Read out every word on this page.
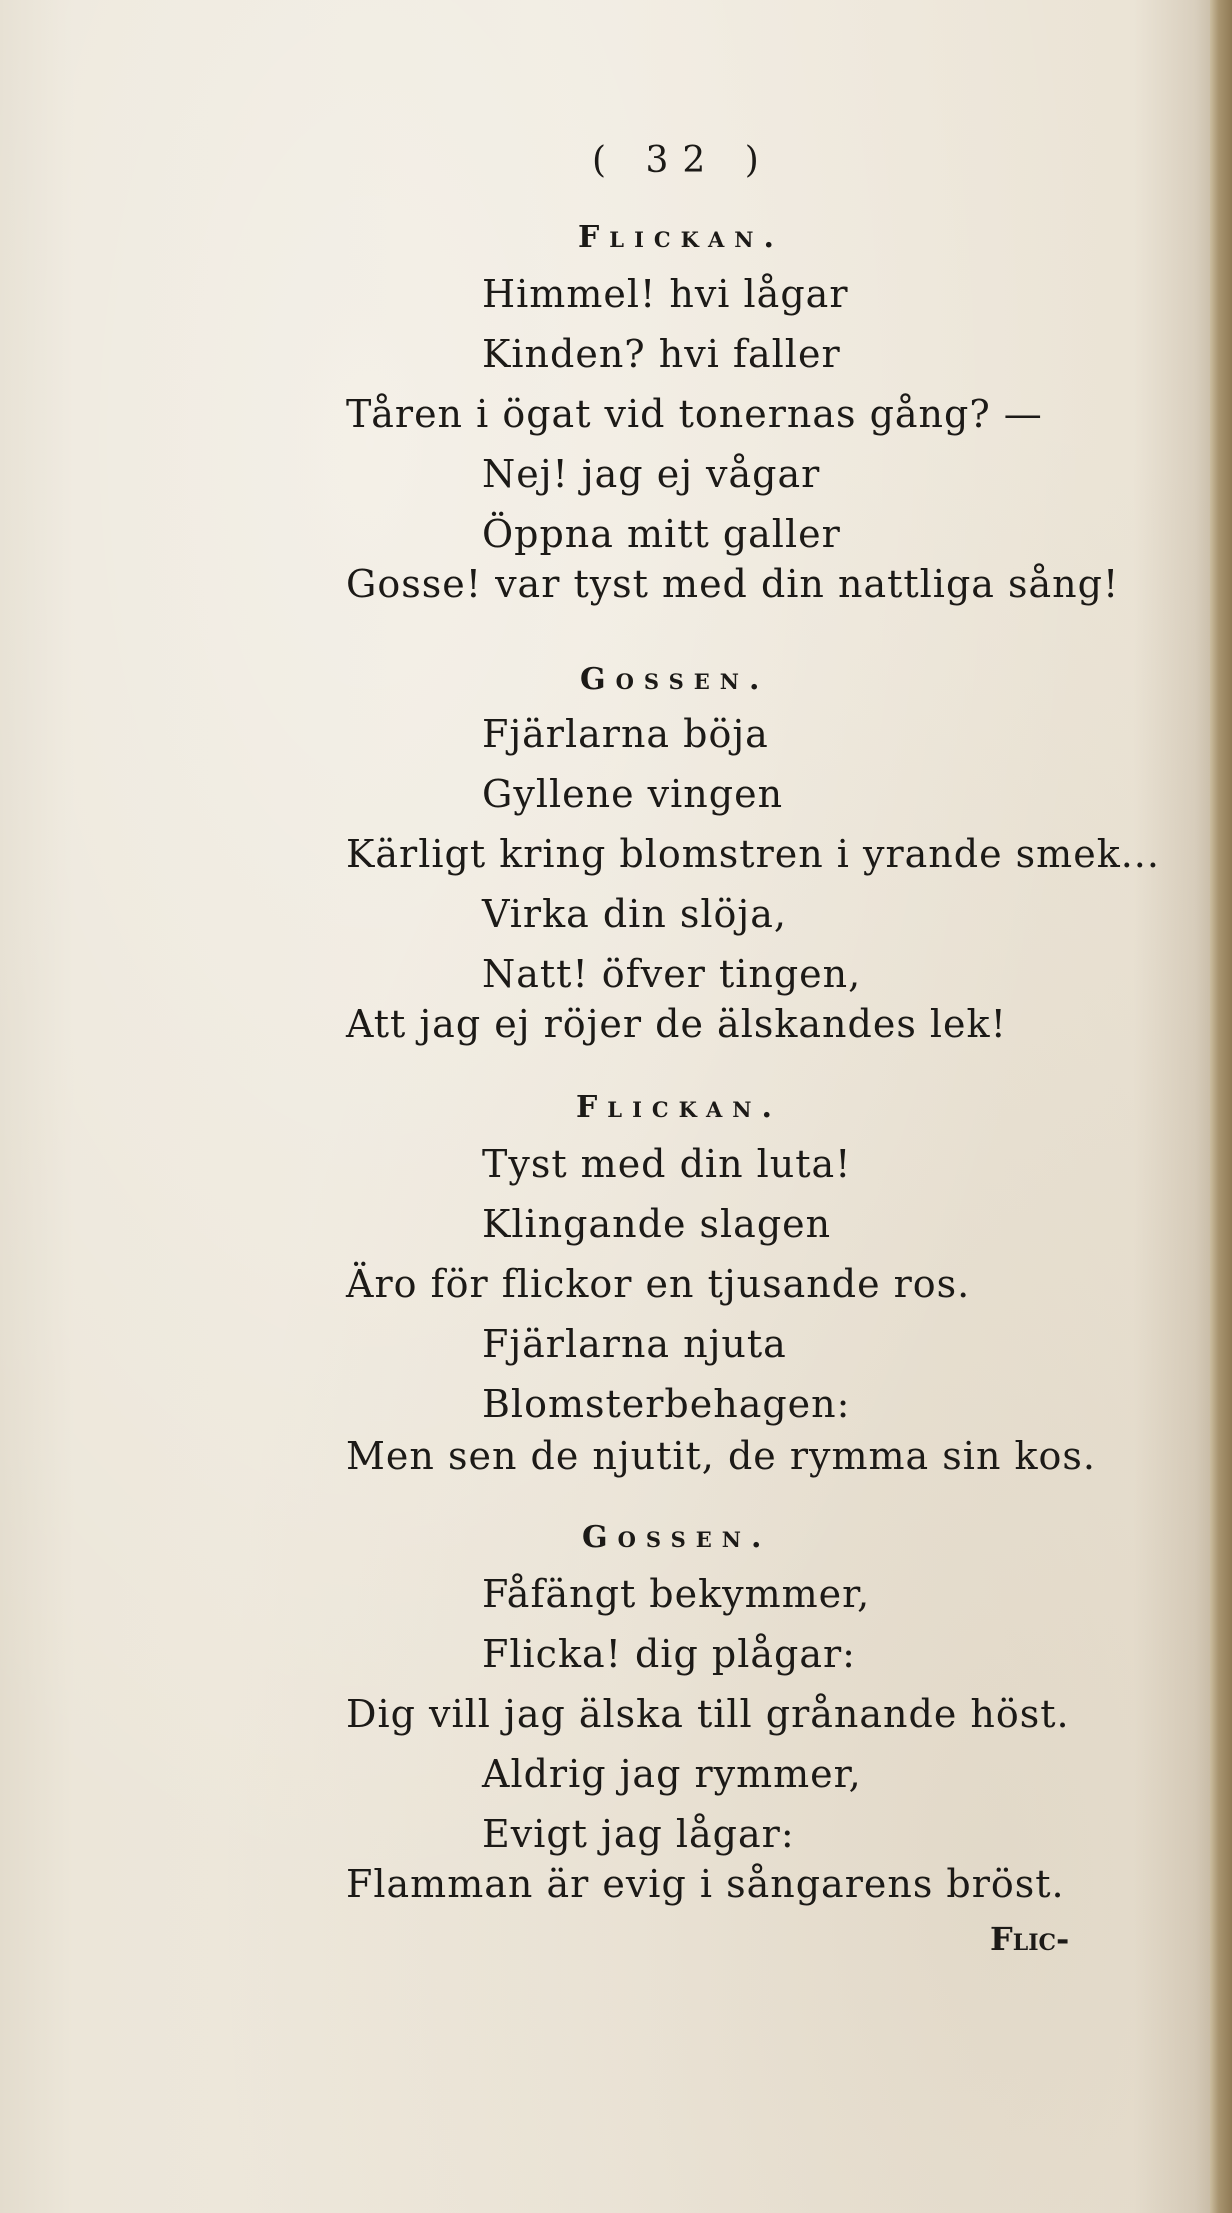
( 32 )
Flickan.
Himmel! hvi lågar
Kinden? hvi faller
Tåren i ögat vid tonernas gång? —
Nej! jag ej vågar
Öppna mitt galler
Gosse! var tyst med din nattliga sång!
Gossen.
Fjärlarna böja
Gyllene vingen
Kärligt kring blomstren i yrande smek...
Virka din slöja,
Natt! öfver tingen,
Att jag ej röjer de älskandes lek!
Flickan.
Tyst med din luta!
Klingande slagen
Äro för flickor en tjusande ros.
Fjärlarna njuta
Blomsterbehagen:
Men sen de njutit, de rymma sin kos.
Gossen.
Fåfängt bekymmer,
Flicka! dig plågar:
Dig vill jag älska till grånande höst.
Aldrig jag rymmer,
Evigt jag lågar:
Flamman är evig i sångarens bröst.
Flic-
